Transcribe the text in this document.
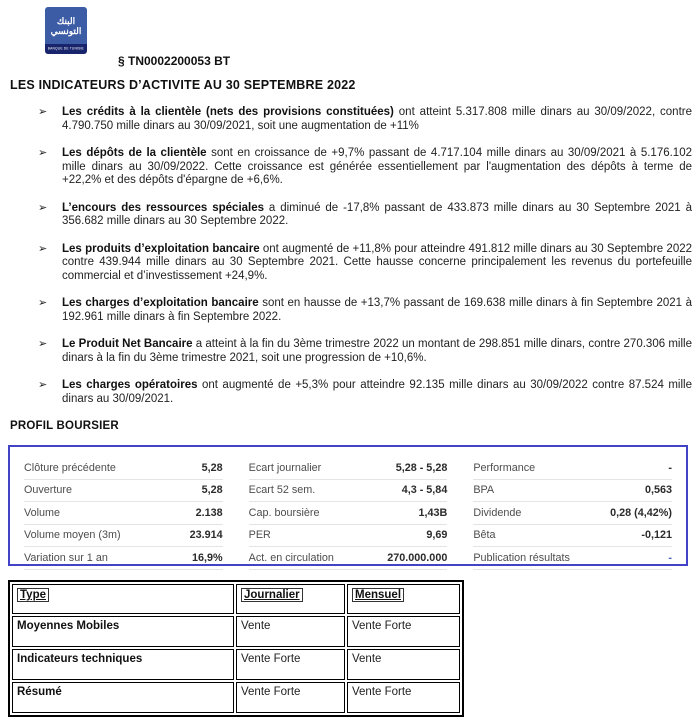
البنك
التونسي
BANQUE DE TUNISIE
§ TN0002200053 BT
LES INDICATEURS D’ACTIVITE AU 30 SEPTEMBRE 2022
➢ Les crédits à la clientèle (nets des provisions constituées) ont atteint 5.317.808 mille dinars au 30/09/2022, contre 4.790.750 mille dinars au 30/09/2021, soit une augmentation de +11%
➢ Les dépôts de la clientèle sont en croissance de +9,7% passant de 4.717.104 mille dinars au 30/09/2021 à 5.176.102 mille dinars au 30/09/2022. Cette croissance est générée essentiellement par l'augmentation des dépôts à terme de +22,2% et des dépôts d'épargne de +6,6%.
➢ L’encours des ressources spéciales a diminué de -17,8% passant de 433.873 mille dinars au 30 Septembre 2021 à 356.682 mille dinars au 30 Septembre 2022.
➢ Les produits d’exploitation bancaire ont augmenté de +11,8% pour atteindre 491.812 mille dinars au 30 Septembre 2022 contre 439.944 mille dinars au 30 Septembre 2021. Cette hausse concerne principalement les revenus du portefeuille commercial et d’investissement +24,9%.
➢ Les charges d’exploitation bancaire sont en hausse de +13,7% passant de 169.638 mille dinars à fin Septembre 2021 à 192.961 mille dinars à fin Septembre 2022.
➢ Le Produit Net Bancaire a atteint à la fin du 3ème trimestre 2022 un montant de 298.851 mille dinars, contre 270.306 mille dinars à la fin du 3ème trimestre 2021, soit une progression de +10,6%.
➢ Les charges opératoires ont augmenté de +5,3% pour atteindre 92.135 mille dinars au 30/09/2022 contre 87.524 mille dinars au 30/09/2021.
PROFIL BOURSIER
Clôture précédente	5,28 Ecart journalier	5,28 - 5,28 Performance	-
Ouverture	5,28 Ecart 52 sem.	4,3 - 5,84 BPA	0,563
Volume	2.138 Cap. boursière	1,43B Dividende	0,28 (4,42%)
Volume moyen (3m)	23.914 PER	9,69 Bêta	-0,121
Variation sur 1 an	16,9% Act. en circulation	270.000.000 Publication résultats	-
Type	Journalier	Mensuel
Moyennes Mobiles	Vente	Vente Forte
Indicateurs techniques	Vente Forte	Vente
Résumé	Vente Forte	Vente Forte
